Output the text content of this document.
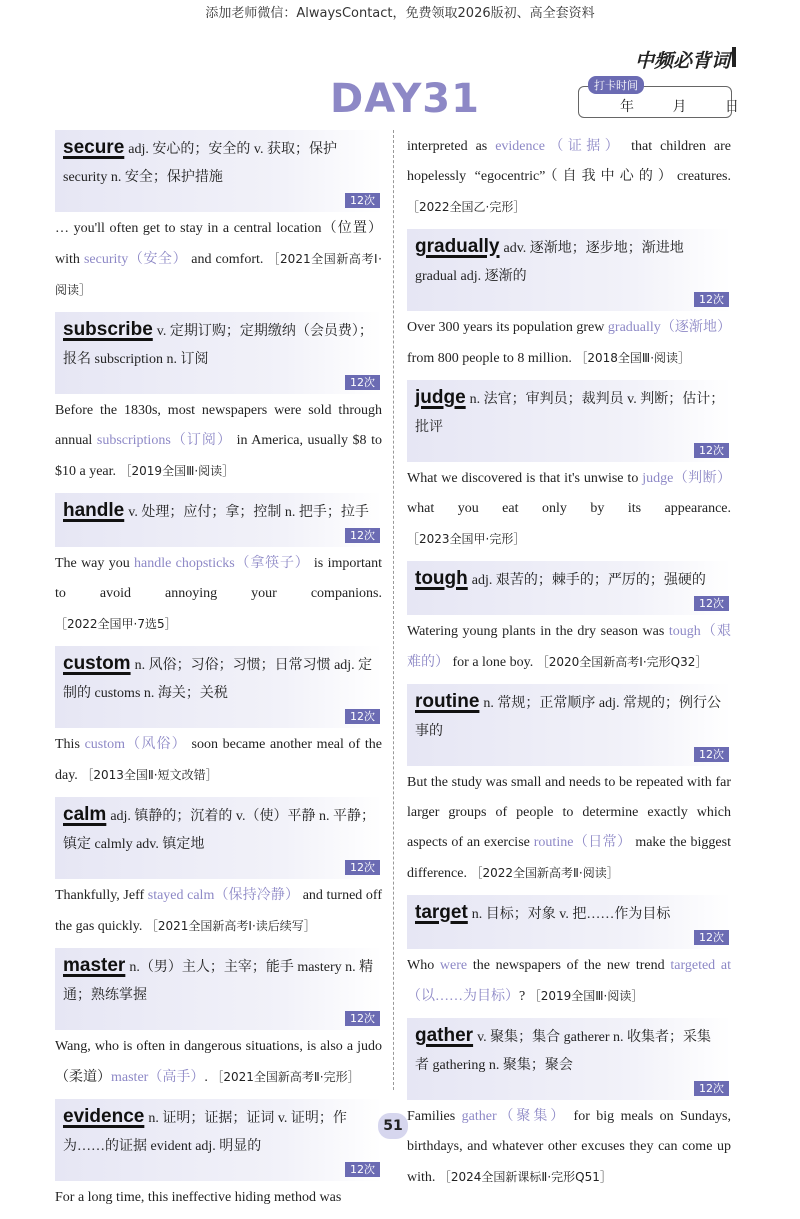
添加老师微信：AlwaysContact，免费领取2026版初、高全套资料
中频必背词
DAY31	打卡时间
年	月	日
secure adj. 安心的；安全的 v. 获取；保护 security n. 安全；保护措施
12次
… you'll often get to stay in a central location（位置）with security（安全） and comfort. ［2021全国新高考Ⅰ·阅读］
subscribe v. 定期订购；定期缴纳（会员费）；报名 subscription n. 订阅
12次
Before the 1830s, most newspapers were sold through annual subscriptions（订阅） in America, usually $8 to $10 a year. ［2019全国Ⅲ·阅读］
handle v. 处理；应付；拿；控制 n. 把手；拉手
12次
The way you handle chopsticks（拿筷子） is important to avoid annoying your companions. ［2022全国甲·7选5］
custom n. 风俗；习俗；习惯；日常习惯 adj. 定制的 customs n. 海关；关税
12次
This custom（风俗） soon became another meal of the day. ［2013全国Ⅱ·短文改错］
calm adj. 镇静的；沉着的 v.（使）平静 n. 平静；镇定 calmly adv. 镇定地
12次
Thankfully, Jeff stayed calm（保持冷静） and turned off the gas quickly. ［2021全国新高考Ⅰ·读后续写］
master n.（男）主人；主宰；能手 mastery n. 精通；熟练掌握
12次
Wang, who is often in dangerous situations, is also a judo（柔道）master（高手）. ［2021全国新高考Ⅱ·完形］
evidence n. 证明；证据；证词 v. 证明；作为……的证据 evident adj. 明显的
12次
For a long time, this ineffective hiding method was
interpreted as evidence（证据） that children are hopelessly “egocentric”（自我中心的）creatures. ［2022全国乙·完形］
gradually adv. 逐渐地；逐步地；渐进地 gradual adj. 逐渐的
12次
Over 300 years its population grew gradually（逐渐地） from 800 people to 8 million. ［2018全国Ⅲ·阅读］
judge n. 法官；审判员；裁判员 v. 判断；估计；批评
12次
What we discovered is that it's unwise to judge（判断） what you eat only by its appearance. ［2023全国甲·完形］
tough adj. 艰苦的；棘手的；严厉的；强硬的
12次
Watering young plants in the dry season was tough（艰难的） for a lone boy. ［2020全国新高考Ⅰ·完形Q32］
routine n. 常规；正常顺序 adj. 常规的；例行公事的
12次
But the study was small and needs to be repeated with far larger groups of people to determine exactly which aspects of an exercise routine（日常） make the biggest difference. ［2022全国新高考Ⅱ·阅读］
target n. 目标；对象 v. 把……作为目标
12次
Who were the newspapers of the new trend targeted at（以……为目标）? ［2019全国Ⅲ·阅读］
gather v. 聚集；集合 gatherer n. 收集者；采集者 gathering n. 聚集；聚会
12次
Families gather（聚集） for big meals on Sundays, birthdays, and whatever other excuses they can come up with. ［2024全国新课标Ⅱ·完形Q51］
51
